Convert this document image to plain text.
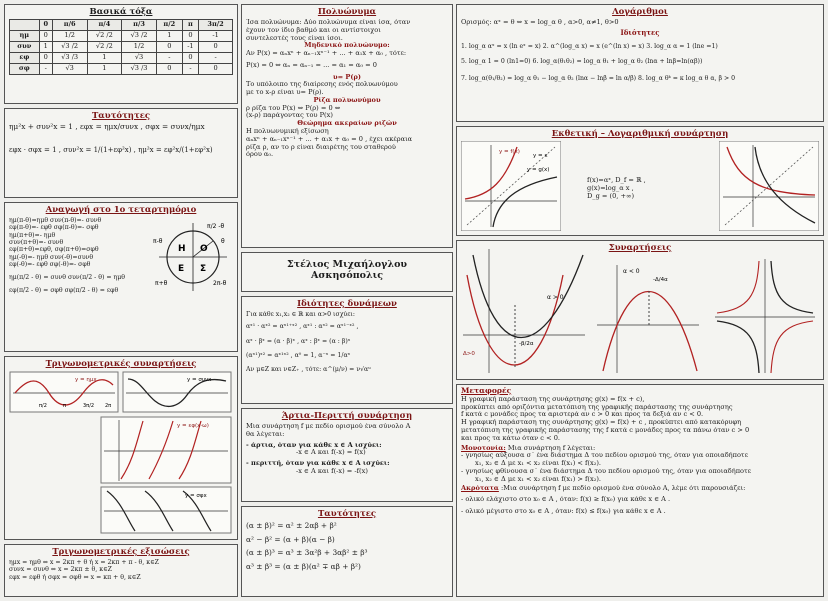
Βασικά τόξα
	0	π/6	π/4	π/3	π/2	π	3π/2
ημ	0	1/2	√2 /2	√3 /2	1	0	-1
συν	1	√3 /2	√2 /2	1/2	0	-1	0
εφ	0	√3 /3	1	√3	-	0	-
σφ	-	√3	1	√3 /3	0	-	0
Ταυτότητες
ημ²x + συν²x = 1 , εφx = ημx/συνx , σφx = συνx/ημx
εφx · σφx = 1 , συν²x = 1/(1+εφ²x) , ημ²x = εφ²x/(1+εφ²x)
Αναγωγή στο 1ο τεταρτημόριο
ημ(π-θ)=ημθ συν(π-θ)=- συνθ
εφ(π-θ)=- εφθ σφ(π-θ)=- σφθ
ημ(π+θ)=- ημθ
συν(π+θ)=- συνθ
εφ(π+θ)=εφθ, σφ(π+θ)=σφθ
ημ(-θ)=- ημθ συν(-θ)=συνθ
εφ(-θ)=- εφθ σφ(-θ)=- σφθ
ημ(π/2 - θ) = συνθ συν(π/2 - θ) = ημθ
εφ(π/2 - θ) = σφθ σφ(π/2 - θ) = εφθ
Η Ο
Ε Σ
π/2 -θ
π-θ	θ
π+θ	2π-θ
Τριγωνομετρικές συναρτήσεις
y = ημx	y = συνx
π/2	π	3π/2 2π
y = εφ(x·ω)
y = σφx
Τριγωνομετρικές εξισώσεις
ημx = ημθ ⇔ x = 2κπ + θ ή x = 2κπ + π - θ, κ∈Z
συνx = συνθ ⇔ x = 2κπ ± θ, κ∈Z
εφx = εφθ ή σφx = σφθ ⇔ x = κπ + θ, κ∈Z
Πολυώνυμα
Ίσα πολυώνυμα: Δύο πολυώνυμα είναι ίσα, όταν
έχουν τον ίδιο βαθμό και οι αντίστοιχοι
συντελεστές τους είναι ίσοι.
Μηδενικό πολυώνυμο:
Αν P(x) = αₙxⁿ + αₙ₋₁xⁿ⁻¹ + ... + α₁x + α₀ , τότε:
P(x) = 0 ⇔ αₙ = αₙ₋₁ = ... = α₁ = α₀ = 0
υ= P(ρ)
Το υπόλοιπο της διαίρεσης ενός πολυωνύμου
με το x-ρ είναι υ= P(ρ).
Ρίζα πολυωνύμου
ρ ρίζα του P(x) ⇔ P(ρ) = 0 ⇔
(x-ρ) παράγοντας του P(x)
Θεώρημα ακεραίων ριζών
Η πολυωνυμική εξίσωση
αₙxⁿ + αₙ₋₁xⁿ⁻¹ + ... + α₁x + α₀ = 0 , έχει ακέραια
ρίζα ρ, αν το ρ είναι διαιρέτης του σταθερού
όρου α₀.
Στέλιος Μιχαήλογλου
Ασκησόπολις
Ιδιότητες δυνάμεων
Για κάθε x₁,x₂ ∈ ℝ και α>0 ισχύει:
αˣ¹ · αˣ² = αˣ¹⁺ˣ² , αˣ¹ : αˣ² = αˣ¹⁻ˣ² ,
αˣ · βˣ = (α · β)ˣ , αˣ : βˣ = (α : β)ˣ
(αˣ¹)ˣ² = αˣ¹ˣ² , α⁰ = 1, α⁻ˣ = 1/αˣ
Αν μ∈Z και ν∈Z₊ , τότε: α^(μ/ν) = ν√αᵘ
Άρτια-Περιττή συνάρτηση
Μια συνάρτηση f με πεδίο ορισμού ένα σύνολο Α
θα λέγεται:
- άρτια, όταν για κάθε x ∈ A ισχύει:
-x ∈ A και f(-x) = f(x)
- περιττή, όταν για κάθε x ∈ A ισχύει:
-x ∈ A και f(-x) = -f(x)
Ταυτότητες
(α ± β)² = α² ± 2αβ + β²
α² − β² = (α + β)(α − β)
(α ± β)³ = α³ ± 3α²β + 3αβ² ± β³
α³ ± β³ = (α ± β)(α² ∓ αβ + β²)
Λογάριθμοι
Ορισμός: αˣ = θ ⇔ x = log_α θ , α>0, α≠1, θ>0
Ιδιότητες
1. log_α αˣ = x (ln eˣ = x) 2. α^(log_α x) = x (e^(ln x) = x) 3. log_α α = 1 (lne =1)
5. log_α 1 = 0 (ln1=0) 6. log_α(θ₁θ₂) = log_α θ₁ + log_α θ₂ (lnα + lnβ=ln(αβ))
7. log_α(θ₁/θ₂) = log_α θ₁ − log_α θ₂ (lnα − lnβ = ln α/β) 8. log_α θᵏ = κ log_α θ α, β > 0
Εκθετική – Λογαριθμική συνάρτηση
y = f(x)
y = g(x)
y = x
f(x)=αˣ, D_f = ℝ ,
g(x)=log_α x ,
D_g = (0, +∞)
Συναρτήσεις
α > 0
-β/2α
Δ>0
α < 0
-Δ/4α
Μεταφορές
Η γραφική παράσταση της συνάρτησης g(x) = f(x + c),
προκύπτει από οριζόντια μετατόπιση της γραφικής παράστασης της συνάρτησης
f κατά c μονάδες προς τα αριστερά αν c > 0 και προς τα δεξιά αν c < 0.
Η γραφική παράσταση της συνάρτησης g(x) = f(x) + c , προκύπτει από κατακόρυφη
μετατόπιση της γραφικής παράστασης της f κατά c μονάδες προς τα πάνω όταν c > 0
και προς τα κάτω όταν c < 0.
Μονοτονία: Μια συνάρτηση f λέγεται:
- γνησίως αύξουσα σ΄ ένα διάστημα Δ του πεδίου ορισμού της, όταν για οποιαδήποτε
x₁, x₂ ∈ Δ με x₁ < x₂ είναι f(x₁) < f(x₂).
- γνησίως φθίνουσα σ΄ ένα διάστημα Δ του πεδίου ορισμού της, όταν για οποιαδήποτε
x₁, x₂ ∈ Δ με x₁ < x₂ είναι f(x₁) > f(x₂).
Ακρότατα :Μια συνάρτηση f με πεδίο ορισμού ένα σύνολο Α, λέμε ότι παρουσιάζει:
- ολικό ελάχιστο στο x₀ ∈ A , όταν: f(x) ≥ f(x₀) για κάθε x ∈ A .
- ολικό μέγιστο στο x₀ ∈ A , όταν: f(x) ≤ f(x₀) για κάθε x ∈ A .
